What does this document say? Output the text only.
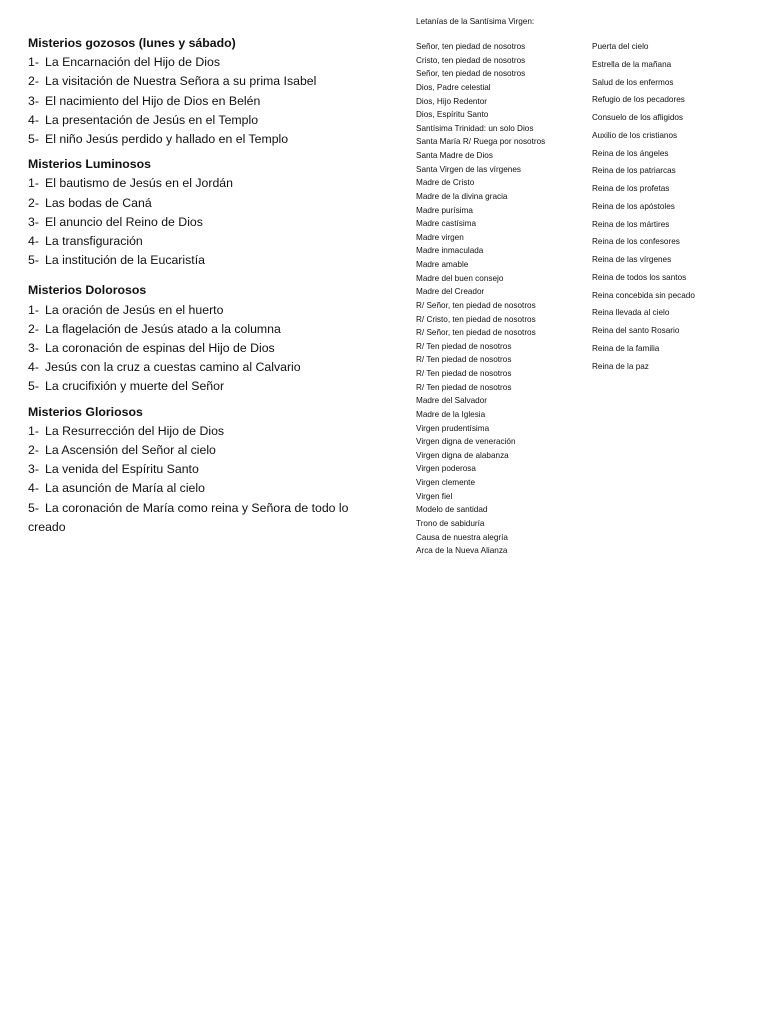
Misterios gozosos (lunes y sábado)
1- La Encarnación del Hijo de Dios
2- La visitación de Nuestra Señora a su prima Isabel
3- El nacimiento del Hijo de Dios en Belén
4- La presentación de Jesús en el Templo
5- El niño Jesús perdido y hallado en el Templo
Misterios Luminosos
1- El bautismo de Jesús en el Jordán
2- Las bodas de Caná
3- El anuncio del Reino de Dios
4- La transfiguración
5- La institución de la Eucaristía
Misterios Dolorosos
1- La oración de Jesús en el huerto
2- La flagelación de Jesús atado a la columna
3- La coronación de espinas del Hijo de Dios
4- Jesús con la cruz a cuestas camino al Calvario
5- La crucifixión y muerte del Señor
Misterios Gloriosos
1- La Resurrección del Hijo de Dios
2- La Ascensión del Señor al cielo
3- La venida del Espíritu Santo
4- La asunción de María al cielo
5- La coronación de María como reina y Señora de todo lo creado
Letanías de la Santísima Virgen:
Señor, ten piedad de nosotros
Cristo, ten piedad de nosotros
Señor, ten piedad de nosotros
Dios, Padre celestial
Dios, Hijo Redentor
Dios, Espíritu Santo
Santísima Trinidad: un solo Dios
Santa María R/ Ruega por nosotros
Santa Madre de Dios
Santa Virgen de las vírgenes
Madre de Cristo
Madre de la divina gracia
Madre purísima
Madre castísima
Madre virgen
Madre inmaculada
Madre amable
Madre del buen consejo
Madre del Creador
R/ Señor, ten piedad de nosotros
R/ Cristo, ten piedad de nosotros
R/ Señor, ten piedad de nosotros
R/ Ten piedad de nosotros
R/ Ten piedad de nosotros
R/ Ten piedad de nosotros
R/ Ten piedad de nosotros
Madre del Salvador
Madre de la Iglesia
Virgen prudentísima
Virgen digna de veneración
Virgen digna de alabanza
Virgen poderosa
Virgen clemente
Virgen fiel
Modelo de santidad
Trono de sabiduría
Causa de nuestra alegría
Arca de la Nueva Alianza
Puerta del cielo
Estrella de la mañana
Salud de los enfermos
Refugio de los pecadores
Consuelo de los afligidos
Auxilio de los cristianos
Reina de los ángeles
Reina de los patriarcas
Reina de los profetas
Reina de los apóstoles
Reina de los mártires
Reina de los confesores
Reina de las vírgenes
Reina de todos los santos
Reina concebida sin pecado
Reina llevada al cielo
Reina del santo Rosario
Reina de la familia
Reina de la paz
